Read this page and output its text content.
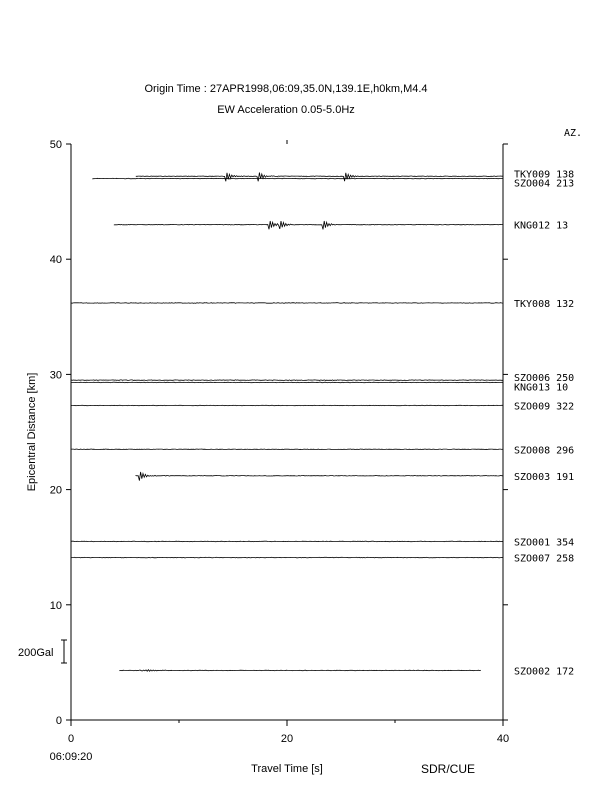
Origin Time : 27APR1998,06:09,35.0N,139.1E,h0km,M4.4
EW Acceleration 0.05-5.0Hz
AZ.
0
10
20
30
40
50
0	20	40
TKY009 138
SZO004 213
KNG012 13
TKY008 132
SZO006 250
KNG013 10
SZO009 322
SZO008 296
SZO003 191
SZO001 354
SZO007 258
SZO002 172
200Gal
Epicentral Distance [km]
Travel Time [s]
06:09:20
SDR/CUE
